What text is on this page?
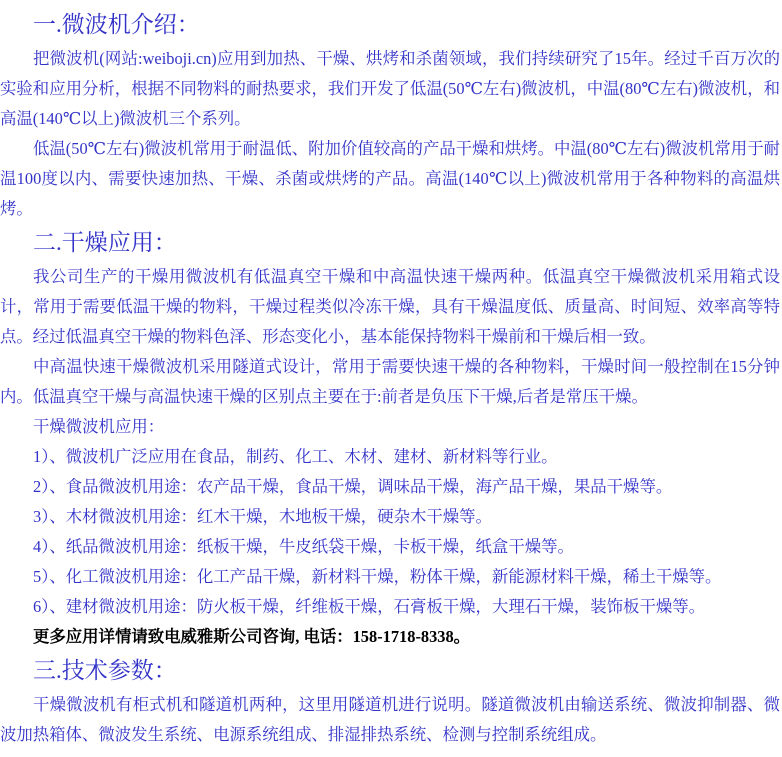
一.微波机介绍：

把微波机(网站:weiboji.cn)应用到加热、干燥、烘烤和杀菌领域，我们持续研究了15年。经过千百万次的实验和应用分析，根据不同物料的耐热要求，我们开发了低温(50℃左右)微波机，中温(80℃左右)微波机，和高温(140℃以上)微波机三个系列。

低温(50℃左右)微波机常用于耐温低、附加价值较高的产品干燥和烘烤。中温(80℃左右)微波机常用于耐温100度以内、需要快速加热、干燥、杀菌或烘烤的产品。高温(140℃以上)微波机常用于各种物料的高温烘烤。

二.干燥应用：

我公司生产的干燥用微波机有低温真空干燥和中高温快速干燥两种。低温真空干燥微波机采用箱式设计，常用于需要低温干燥的物料，干燥过程类似冷冻干燥，具有干燥温度低、质量高、时间短、效率高等特点。经过低温真空干燥的物料色泽、形态变化小，基本能保持物料干燥前和干燥后相一致。

中高温快速干燥微波机采用隧道式设计，常用于需要快速干燥的各种物料，干燥时间一般控制在15分钟内。低温真空干燥与高温快速干燥的区别点主要在于:前者是负压下干燥,后者是常压干燥。

干燥微波机应用：

1）、微波机广泛应用在食品，制药、化工、木材、建材、新材料等行业。

2）、食品微波机用途：农产品干燥，食品干燥，调味品干燥，海产品干燥，果品干燥等。

3）、木材微波机用途：红木干燥，木地板干燥，硬杂木干燥等。

4）、纸品微波机用途：纸板干燥，牛皮纸袋干燥，卡板干燥，纸盒干燥等。

5）、化工微波机用途：化工产品干燥，新材料干燥，粉体干燥，新能源材料干燥，稀土干燥等。

6）、建材微波机用途：防火板干燥，纤维板干燥，石膏板干燥，大理石干燥，装饰板干燥等。

更多应用详情请致电威雅斯公司咨询, 电话：158-1718-8338。

三.技术参数：

干燥微波机有柜式机和隧道机两种，这里用隧道机进行说明。隧道微波机由输送系统、微波抑制器、微波加热箱体、微波发生系统、电源系统组成、排湿排热系统、检测与控制系统组成。
